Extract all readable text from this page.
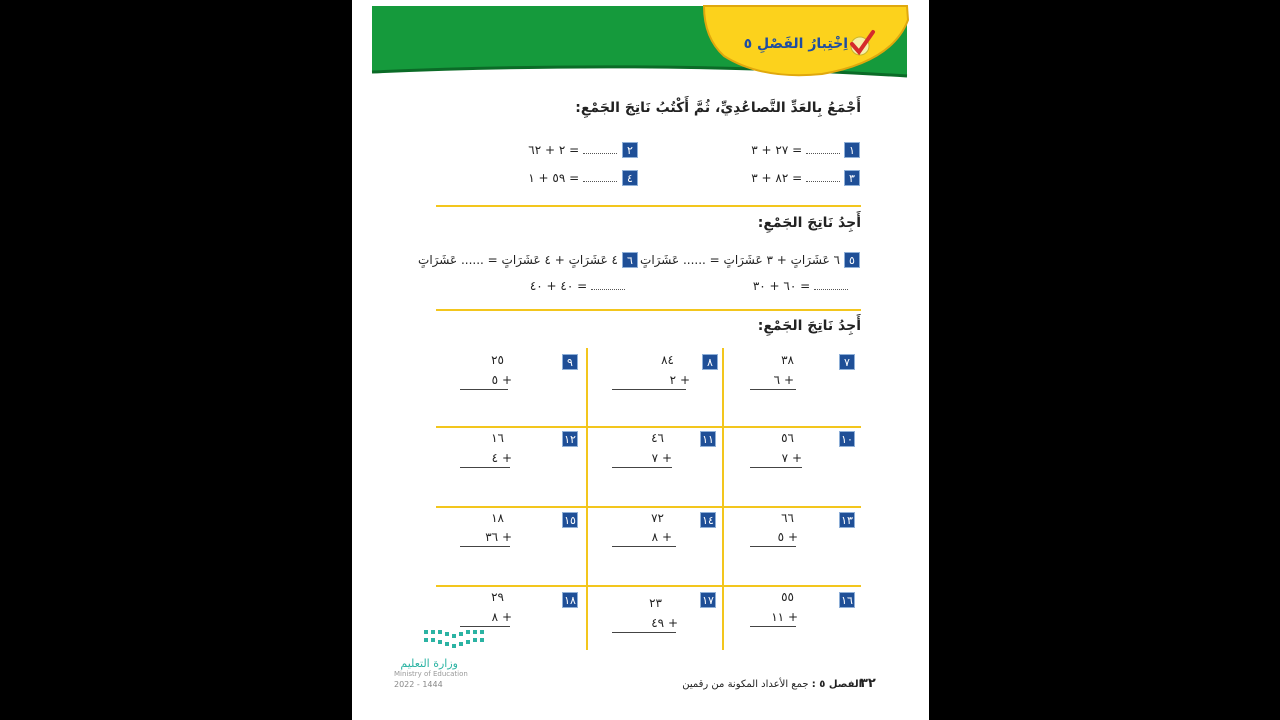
اِخْتِبارُ الفَصْلِ ٥
أَجْمَعُ بِالعَدِّ التَّصاعُدِيِّ، ثُمَّ أَكْتُبُ نَاتِجَ الجَمْعِ:
١
٢٧ + ٣ =
٢
٢ + ٦٢ =
٣
٨٢ + ٣ =
٤
٥٩ + ١ =
أَجِدُ نَاتِجَ الجَمْعِ:
٥
٦ عَشَرَاتٍ + ٣ عَشَرَاتٍ = ...... عَشَرَاتٍ
٦
٤ عَشَرَاتٍ + ٤ عَشَرَاتٍ = ...... عَشَرَاتٍ
٦٠ + ٣٠ =
٤٠ + ٤٠ =
أَجِدُ نَاتِجَ الجَمْعِ:
٧
٣٨
٦ +
٨
٨٤
٢ +
٩
٢٥
٥ +
١٠
٥٦
٧ +
١١
٤٦
٧ +
١٢
١٦
٤ +
١٣
٦٦
٥ +
١٤
٧٢
٨ +
١٥
١٨
٣٦ +
١٦
٥٥
١١ +
١٧
٢٣
٤٩ +
١٨
٢٩
٨ +
وزارة التعليم
Ministry of Education
2022 - 1444	الفصل ٥ : جمع الأعداد المكونة من رقمين	٣٢
